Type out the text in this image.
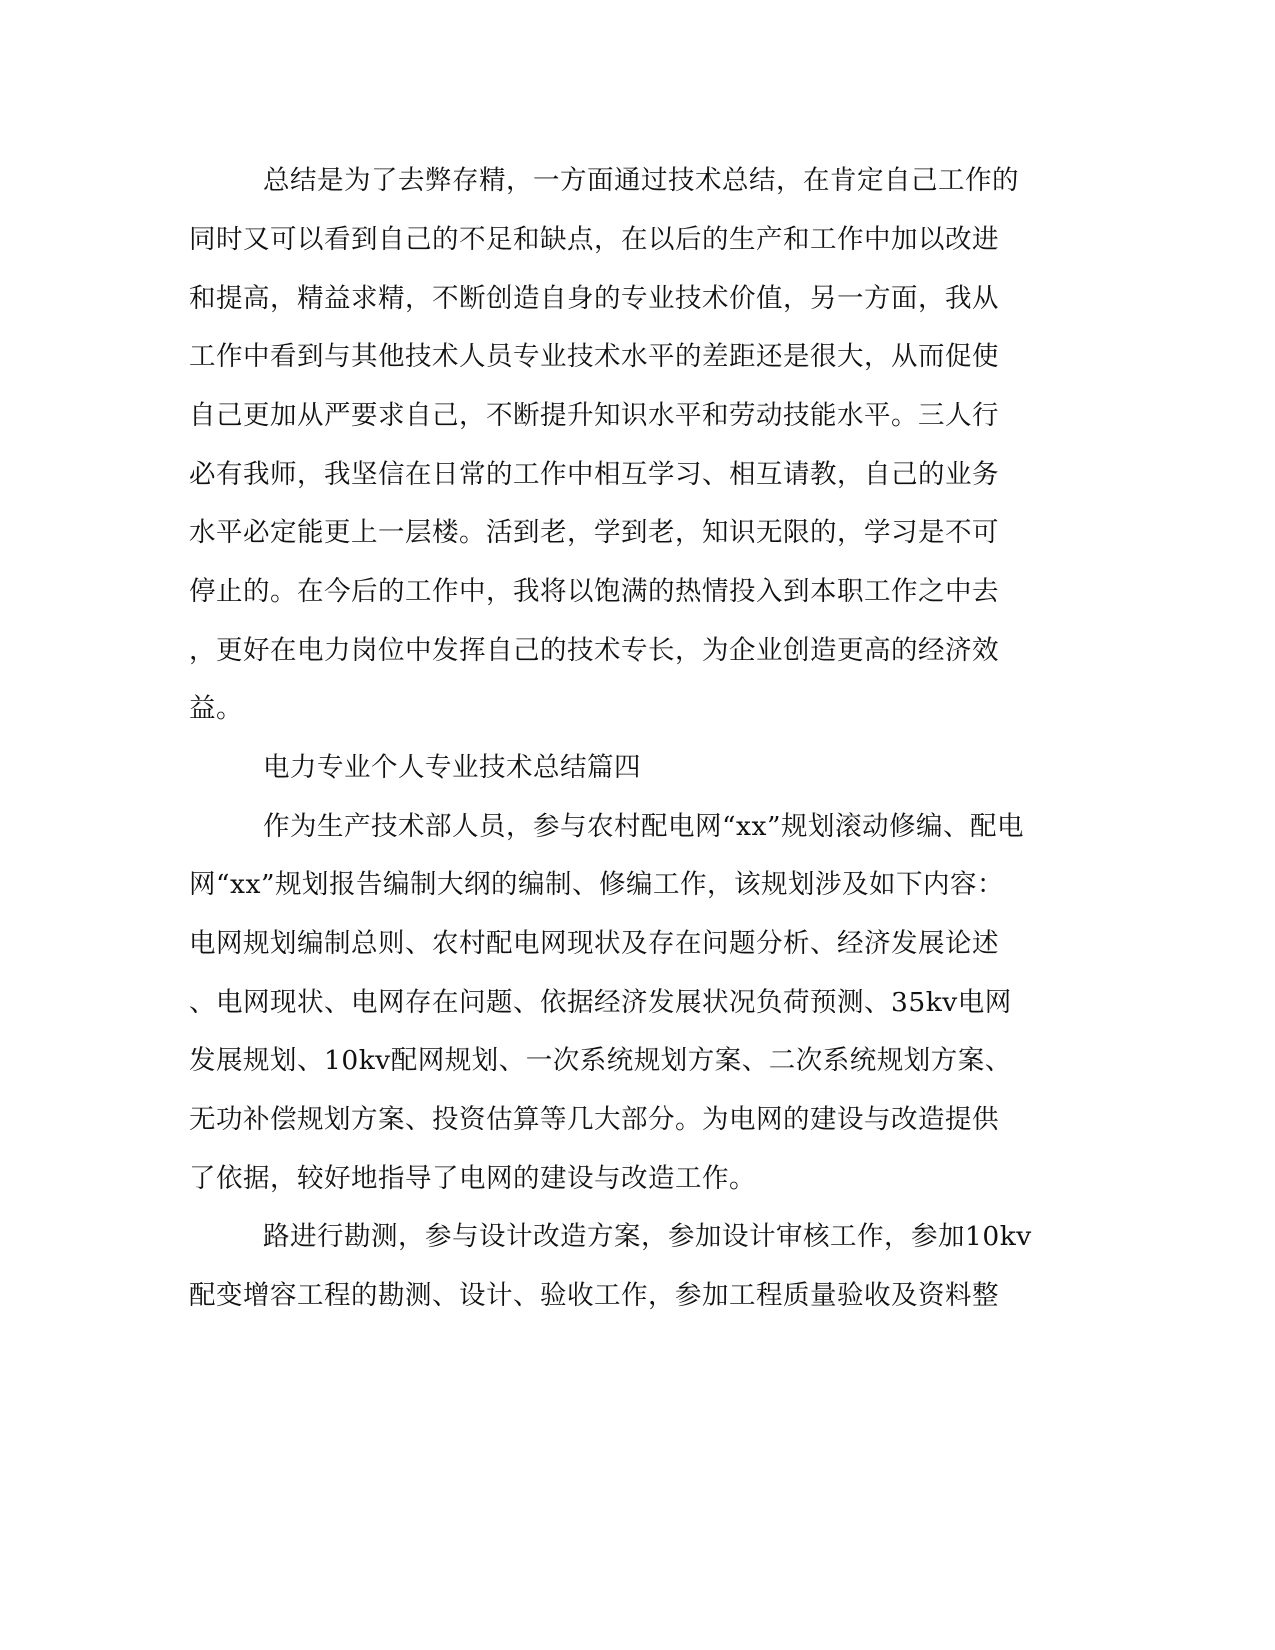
总结是为了去弊存精，一方面通过技术总结，在肯定自己工作的
同时又可以看到自己的不足和缺点，在以后的生产和工作中加以改进
和提高，精益求精，不断创造自身的专业技术价值，另一方面，我从
工作中看到与其他技术人员专业技术水平的差距还是很大，从而促使
自己更加从严要求自己，不断提升知识水平和劳动技能水平。三人行
必有我师，我坚信在日常的工作中相互学习、相互请教，自己的业务
水平必定能更上一层楼。活到老，学到老，知识无限的，学习是不可
停止的。在今后的工作中，我将以饱满的热情投入到本职工作之中去
，更好在电力岗位中发挥自己的技术专长，为企业创造更高的经济效
益。
电力专业个人专业技术总结篇四
作为生产技术部人员，参与农村配电网“xx”规划滚动修编、配电
网“xx”规划报告编制大纲的编制、修编工作，该规划涉及如下内容：
电网规划编制总则、农村配电网现状及存在问题分析、经济发展论述
、电网现状、电网存在问题、依据经济发展状况负荷预测、35kv电网
发展规划、10kv配网规划、一次系统规划方案、二次系统规划方案、
无功补偿规划方案、投资估算等几大部分。为电网的建设与改造提供
了依据，较好地指导了电网的建设与改造工作。
路进行勘测，参与设计改造方案，参加设计审核工作，参加10kv
配变增容工程的勘测、设计、验收工作，参加工程质量验收及资料整
